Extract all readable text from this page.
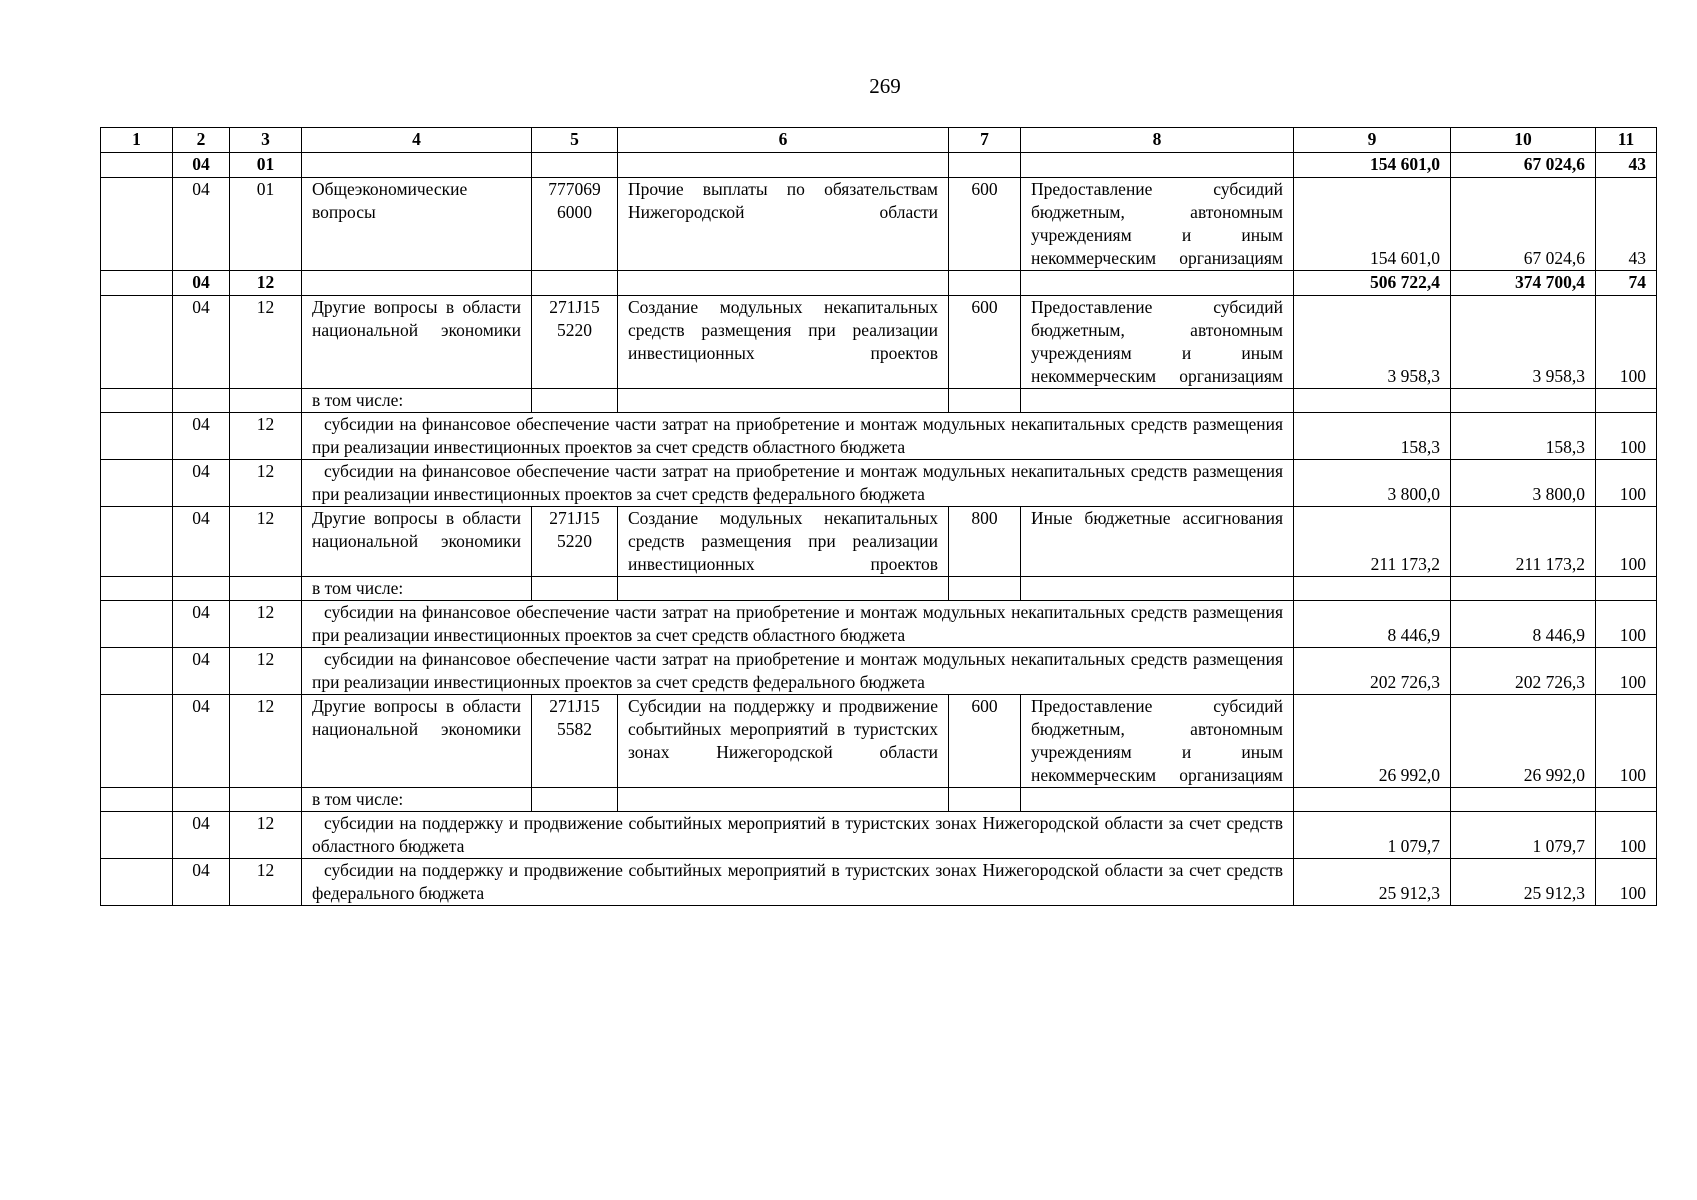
269
1	2	3	4	5	6	7	8	9	10	11
	04	01						154 601,0	67 024,6	43
	04	01	Общеэкономические вопросы	777069 6000	Прочие выплаты по обязательствам Нижегородской области	600	Предоставление субсидий бюджетным, автономным учреждениям и иным некоммерческим организациям	154 601,0	67 024,6	43
	04	12						506 722,4	374 700,4	74
	04	12	Другие вопросы в области национальной экономики	271J15 5220	Создание модульных некапитальных средств размещения при реализации инвестиционных проектов	600	Предоставление субсидий бюджетным, автономным учреждениям и иным некоммерческим организациям	3 958,3	3 958,3	100
			в том числе:							
	04	12	субсидии на финансовое обеспечение части затрат на приобретение и монтаж модульных некапитальных средств размещения при реализации инвестиционных проектов за счет средств областного бюджета					158,3	158,3	100
	04	12	субсидии на финансовое обеспечение части затрат на приобретение и монтаж модульных некапитальных средств размещения при реализации инвестиционных проектов за счет средств федерального бюджета					3 800,0	3 800,0	100
	04	12	Другие вопросы в области национальной экономики	271J15 5220	Создание модульных некапитальных средств размещения при реализации инвестиционных проектов	800	Иные бюджетные ассигнования	211 173,2	211 173,2	100
			в том числе:							
	04	12	субсидии на финансовое обеспечение части затрат на приобретение и монтаж модульных некапитальных средств размещения при реализации инвестиционных проектов за счет средств областного бюджета					8 446,9	8 446,9	100
	04	12	субсидии на финансовое обеспечение части затрат на приобретение и монтаж модульных некапитальных средств размещения при реализации инвестиционных проектов за счет средств федерального бюджета					202 726,3	202 726,3	100
	04	12	Другие вопросы в области национальной экономики	271J15 5582	Субсидии на поддержку и продвижение событийных мероприятий в туристских зонах Нижегородской области	600	Предоставление субсидий бюджетным, автономным учреждениям и иным некоммерческим организациям	26 992,0	26 992,0	100
			в том числе:							
	04	12	субсидии на поддержку и продвижение событийных мероприятий в туристских зонах Нижегородской области за счет средств областного бюджета					1 079,7	1 079,7	100
	04	12	субсидии на поддержку и продвижение событийных мероприятий в туристских зонах Нижегородской области за счет средств федерального бюджета					25 912,3	25 912,3	100
